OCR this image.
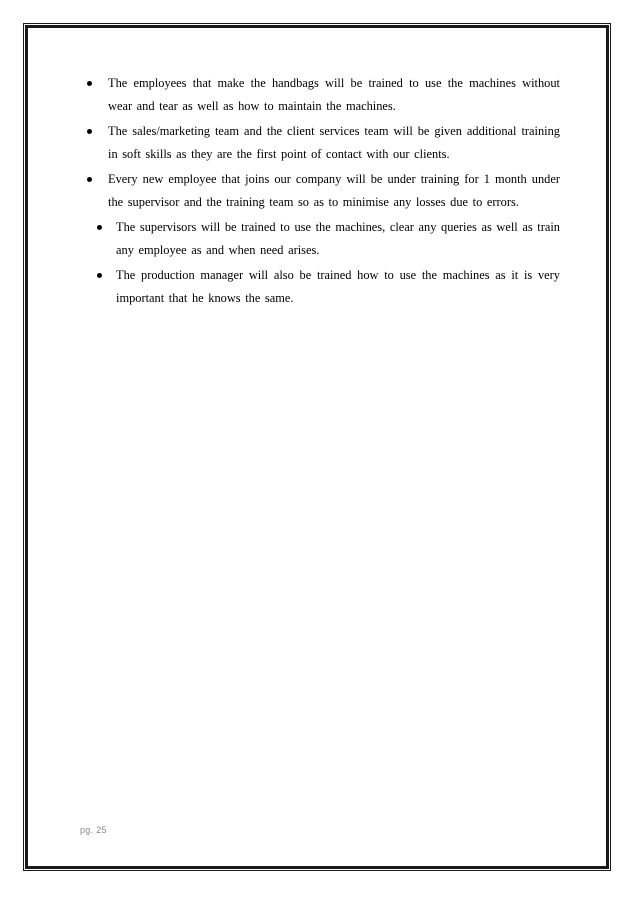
The employees that make the handbags will be trained to use the machines without wear and tear as well as how to maintain the machines.
The sales/marketing team and the client services team will be given additional training in soft skills as they are the first point of contact with our clients.
Every new employee that joins our company will be under training for 1 month under the supervisor and the training team so as to minimise any losses due to errors.
The supervisors will be trained to use the machines, clear any queries as well as train any employee as and when need arises.
The production manager will also be trained how to use the machines as it is very important that he knows the same.
pg. 25
